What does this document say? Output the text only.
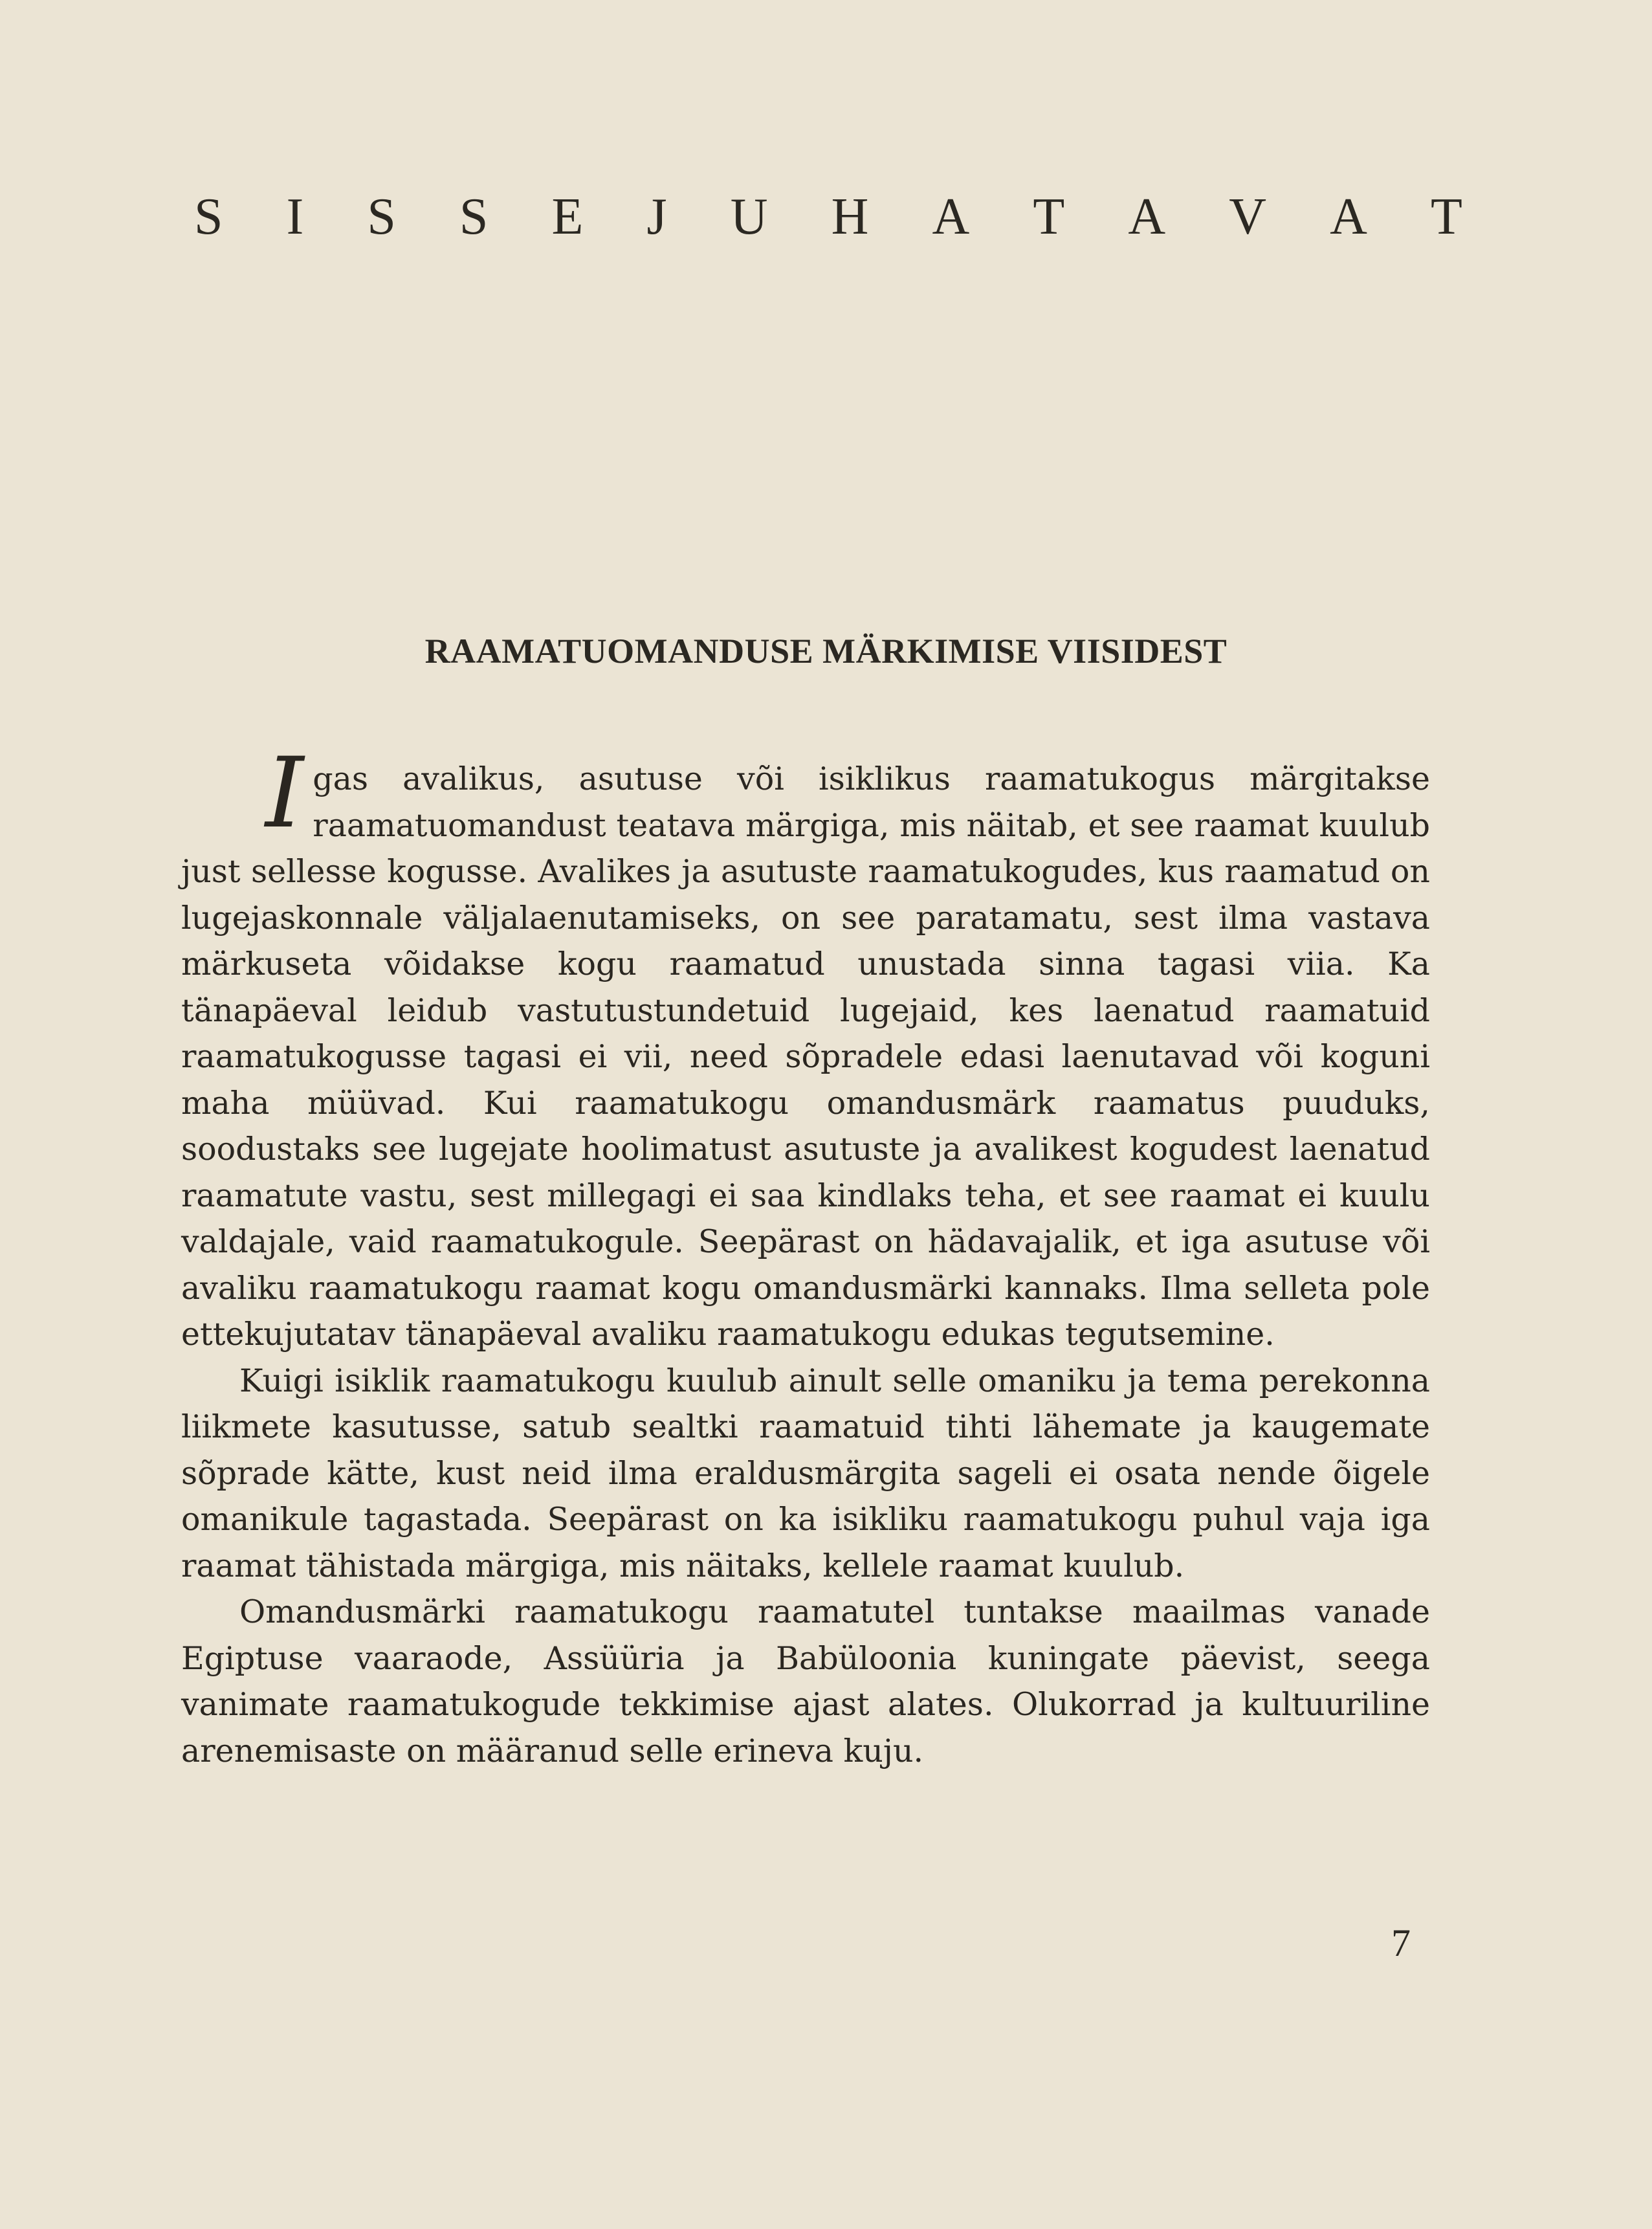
S I S S E J U H A T A V A T
RAAMATUOMANDUSE MÄRKIMISE VIISIDEST

Igas avalikus, asutuse või isiklikus raamatukogus märgitakse raamatuomandust teatava märgiga, mis näitab, et see raamat kuulub just sellesse kogusse. Avalikes ja asutuste raamatukogudes, kus raamatud on lugejaskonnale väljalaenutamiseks, on see paratamatu, sest ilma vastava märkuseta võidakse kogu raamatud unustada sinna tagasi viia. Ka tänapäeval leidub vastutustundetuid lugejaid, kes laenatud raamatuid raamatukogusse tagasi ei vii, need sõpradele edasi laenutavad või koguni maha müüvad. Kui raamatukogu omandusmärk raamatus puuduks, soodustaks see lugejate hoolimatust asutuste ja avalikest kogudest laenatud raamatute vastu, sest millegagi ei saa kindlaks teha, et see raamat ei kuulu valdajale, vaid raamatukogule. Seepärast on hädavajalik, et iga asutuse või avaliku raamatukogu raamat kogu omandusmärki kannaks. Ilma selleta pole ettekujutatav tänapäeval avaliku raamatukogu edukas tegutsemine.

Kuigi isiklik raamatukogu kuulub ainult selle omaniku ja tema perekonna liikmete kasutusse, satub sealtki raamatuid tihti lähemate ja kaugemate sõprade kätte, kust neid ilma eraldusmärgita sageli ei osata nende õigele omanikule tagastada. Seepärast on ka isikliku raamatukogu puhul vaja iga raamat tähistada märgiga, mis näitaks, kellele raamat kuulub.

Omandusmärki raamatukogu raamatutel tuntakse maailmas vanade Egiptuse vaaraode, Assüüria ja Babüloonia kuningate päevist, seega vanimate raamatukogude tekkimise ajast alates. Olukorrad ja kultuuriline arenemisaste on määranud selle erineva kuju.

7
